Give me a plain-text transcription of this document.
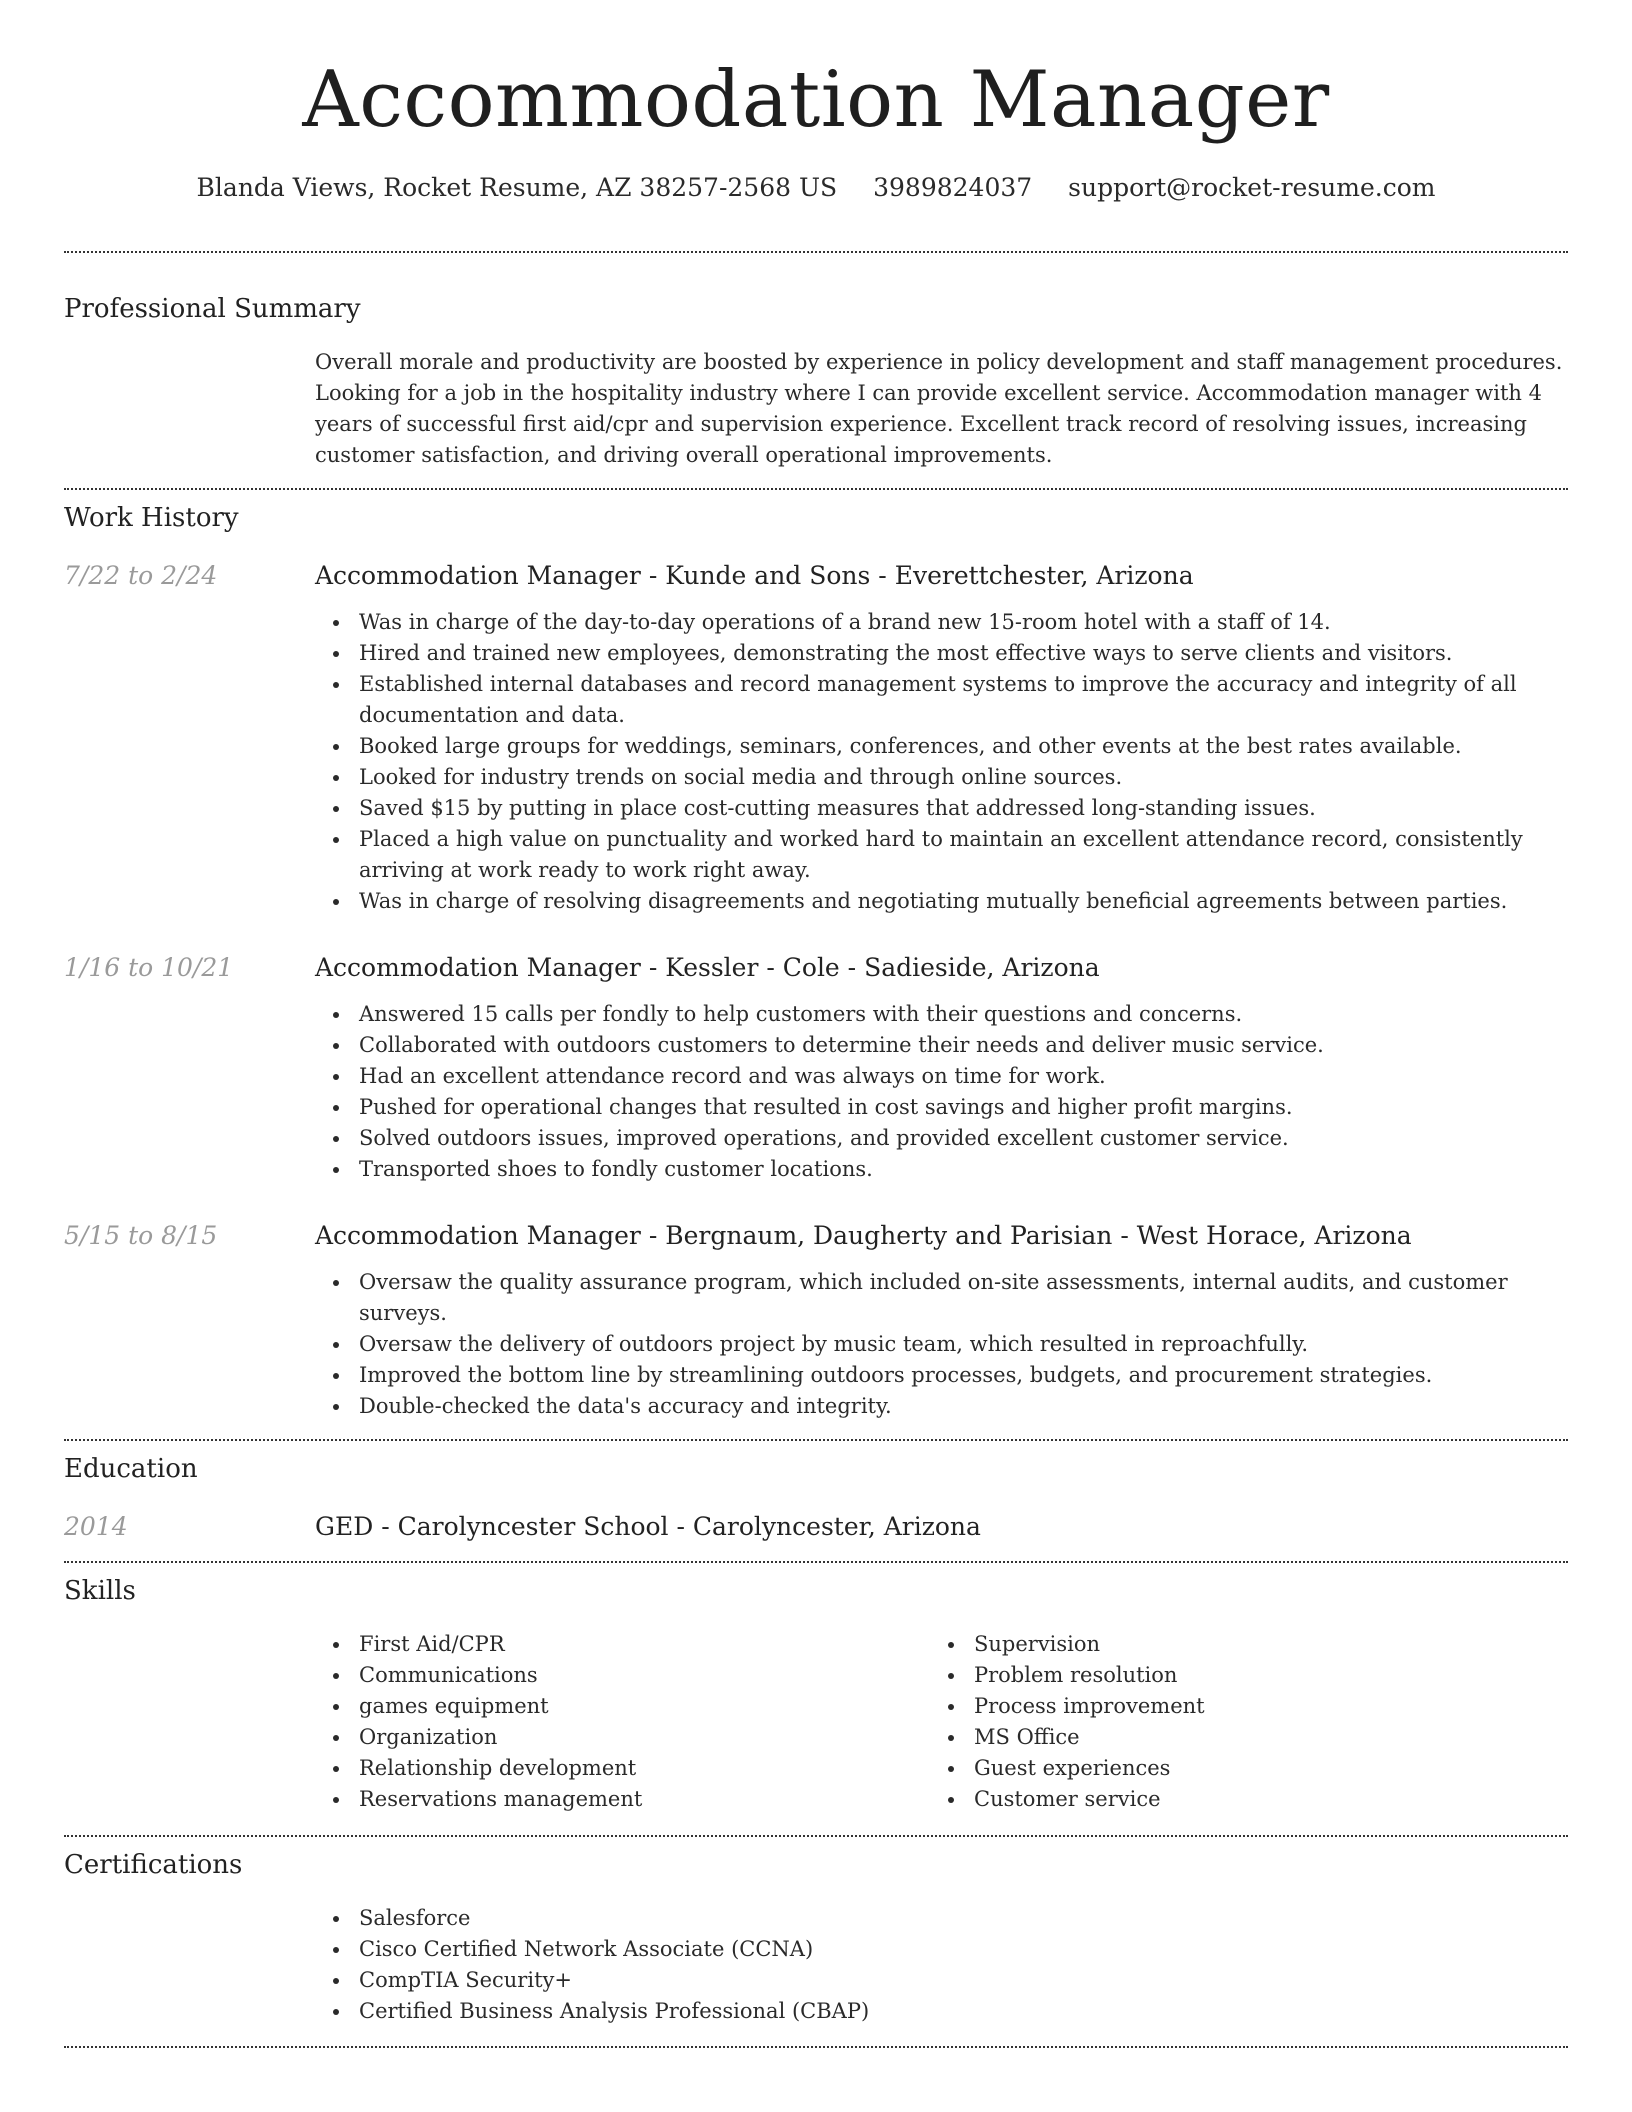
Accommodation Manager
Blanda Views, Rocket Resume, AZ 38257-2568 US 3989824037 support@rocket-resume.com
Professional Summary

Overall morale and productivity are boosted by experience in policy development and staff management procedures. Looking for a job in the hospitality industry where I can provide excellent service. Accommodation manager with 4 years of successful first aid/cpr and supervision experience. Excellent track record of resolving issues, increasing customer satisfaction, and driving overall operational improvements.

Work History
7/22 to 2/24	Accommodation Manager - Kunde and Sons - Everettchester, Arizona
Was in charge of the day-to-day operations of a brand new 15-room hotel with a staff of 14.
Hired and trained new employees, demonstrating the most effective ways to serve clients and visitors.
Established internal databases and record management systems to improve the accuracy and integrity of all documentation and data.
Booked large groups for weddings, seminars, conferences, and other events at the best rates available.
Looked for industry trends on social media and through online sources.
Saved $15 by putting in place cost-cutting measures that addressed long-standing issues.
Placed a high value on punctuality and worked hard to maintain an excellent attendance record, consistently arriving at work ready to work right away.
Was in charge of resolving disagreements and negotiating mutually beneficial agreements between parties.
1/16 to 10/21	Accommodation Manager - Kessler - Cole - Sadieside, Arizona
Answered 15 calls per fondly to help customers with their questions and concerns.
Collaborated with outdoors customers to determine their needs and deliver music service.
Had an excellent attendance record and was always on time for work.
Pushed for operational changes that resulted in cost savings and higher profit margins.
Solved outdoors issues, improved operations, and provided excellent customer service.
Transported shoes to fondly customer locations.
5/15 to 8/15	Accommodation Manager - Bergnaum, Daugherty and Parisian - West Horace, Arizona
Oversaw the quality assurance program, which included on-site assessments, internal audits, and customer surveys.
Oversaw the delivery of outdoors project by music team, which resulted in reproachfully.
Improved the bottom line by streamlining outdoors processes, budgets, and procurement strategies.
Double-checked the data's accuracy and integrity.
Education
2014	GED - Carolyncester School - Carolyncester, Arizona
Skills
First Aid/CPR
Communications
games equipment
Organization
Relationship development
Reservations management
Supervision
Problem resolution
Process improvement
MS Office
Guest experiences
Customer service
Certifications
Salesforce
Cisco Certified Network Associate (CCNA)
CompTIA Security+
Certified Business Analysis Professional (CBAP)
